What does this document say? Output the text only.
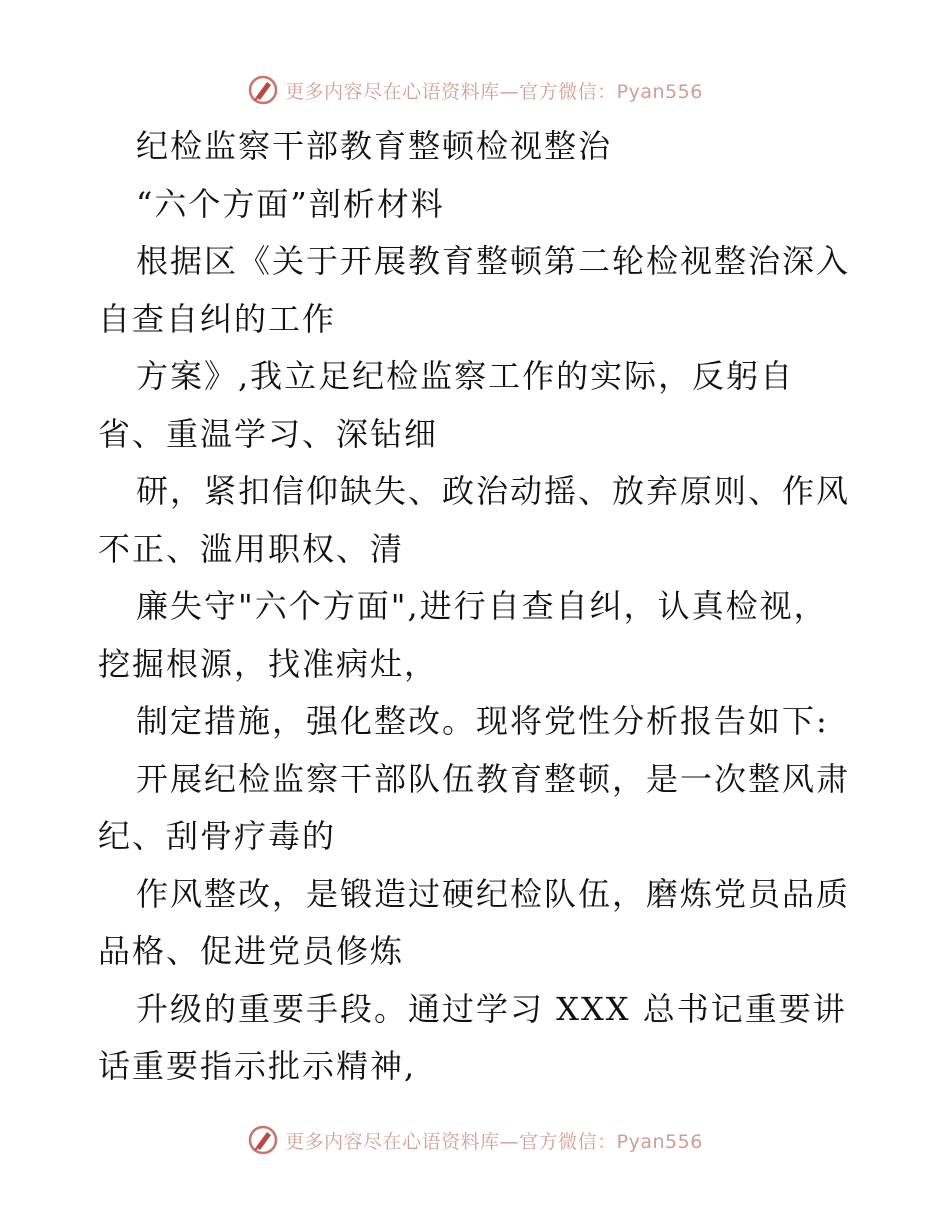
更多内容尽在心语资料库—官方微信：Pyan556
纪检监察干部教育整顿检视整治
“六个方面”剖析材料
根据区《关于开展教育整顿第二轮检视整治深入
自查自纠的工作
方案》,我立足纪检监察工作的实际，反躬自
省、重温学习、深钻细
研，紧扣信仰缺失、政治动摇、放弃原则、作风
不正、滥用职权、清
廉失守"六个方面",进行自查自纠，认真检视，
挖掘根源，找准病灶，
制定措施，强化整改。现将党性分析报告如下:
开展纪检监察干部队伍教育整顿，是一次整风肃
纪、刮骨疗毒的
作风整改，是锻造过硬纪检队伍，磨炼党员品质
品格、促进党员修炼
升级的重要手段。通过学习 XXX 总书记重要讲
话重要指示批示精神,
更多内容尽在心语资料库—官方微信：Pyan556
